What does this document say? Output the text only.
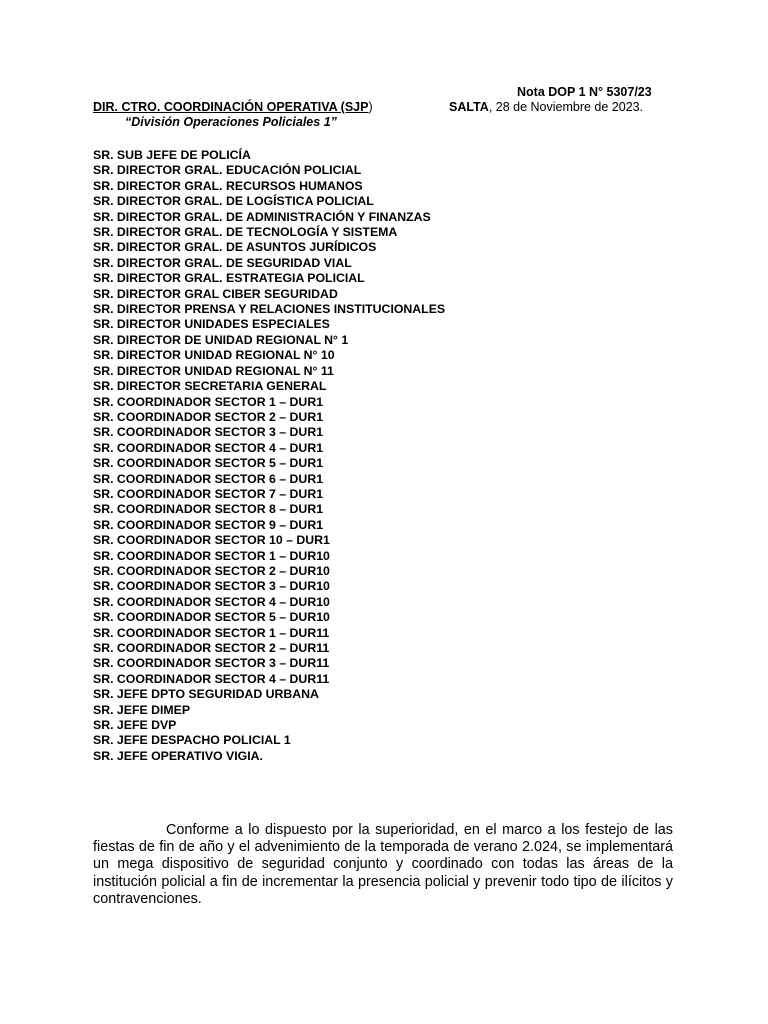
Nota DOP 1 N° 5307/23
DIR. CTRO. COORDINACIÓN OPERATIVA (SJP)	SALTA, 28 de Noviembre de 2023.
“División Operaciones Policiales 1”
SR. SUB JEFE DE POLICÍA
SR. DIRECTOR GRAL. EDUCACIÓN POLICIAL
SR. DIRECTOR GRAL. RECURSOS HUMANOS
SR. DIRECTOR GRAL. DE LOGÍSTICA POLICIAL
SR. DIRECTOR GRAL. DE ADMINISTRACIÓN Y FINANZAS
SR. DIRECTOR GRAL. DE TECNOLOGÍA Y SISTEMA
SR. DIRECTOR GRAL. DE ASUNTOS JURÍDICOS
SR. DIRECTOR GRAL. DE SEGURIDAD VIAL
SR. DIRECTOR GRAL. ESTRATEGIA POLICIAL
SR. DIRECTOR GRAL CIBER SEGURIDAD
SR. DIRECTOR PRENSA Y RELACIONES INSTITUCIONALES
SR. DIRECTOR UNIDADES ESPECIALES
SR. DIRECTOR DE UNIDAD REGIONAL N° 1
SR. DIRECTOR UNIDAD REGIONAL N° 10
SR. DIRECTOR UNIDAD REGIONAL N° 11
SR. DIRECTOR SECRETARIA GENERAL
SR. COORDINADOR SECTOR 1 – DUR1
SR. COORDINADOR SECTOR 2 – DUR1
SR. COORDINADOR SECTOR 3 – DUR1
SR. COORDINADOR SECTOR 4 – DUR1
SR. COORDINADOR SECTOR 5 – DUR1
SR. COORDINADOR SECTOR 6 – DUR1
SR. COORDINADOR SECTOR 7 – DUR1
SR. COORDINADOR SECTOR 8 – DUR1
SR. COORDINADOR SECTOR 9 – DUR1
SR. COORDINADOR SECTOR 10 – DUR1
SR. COORDINADOR SECTOR 1 – DUR10
SR. COORDINADOR SECTOR 2 – DUR10
SR. COORDINADOR SECTOR 3 – DUR10
SR. COORDINADOR SECTOR 4 – DUR10
SR. COORDINADOR SECTOR 5 – DUR10
SR. COORDINADOR SECTOR 1 – DUR11
SR. COORDINADOR SECTOR 2 – DUR11
SR. COORDINADOR SECTOR 3 – DUR11
SR. COORDINADOR SECTOR 4 – DUR11
SR. JEFE DPTO SEGURIDAD URBANA
SR. JEFE DIMEP
SR. JEFE DVP
SR. JEFE DESPACHO POLICIAL 1
SR. JEFE OPERATIVO VIGIA.

Conforme a lo dispuesto por la superioridad, en el marco a los festejo de las fiestas de fin de año y el advenimiento de la temporada de verano 2.024, se implementará un mega dispositivo de seguridad conjunto y coordinado con todas las áreas de la institución policial a fin de incrementar la presencia policial y prevenir todo tipo de ilícitos y contravenciones.
